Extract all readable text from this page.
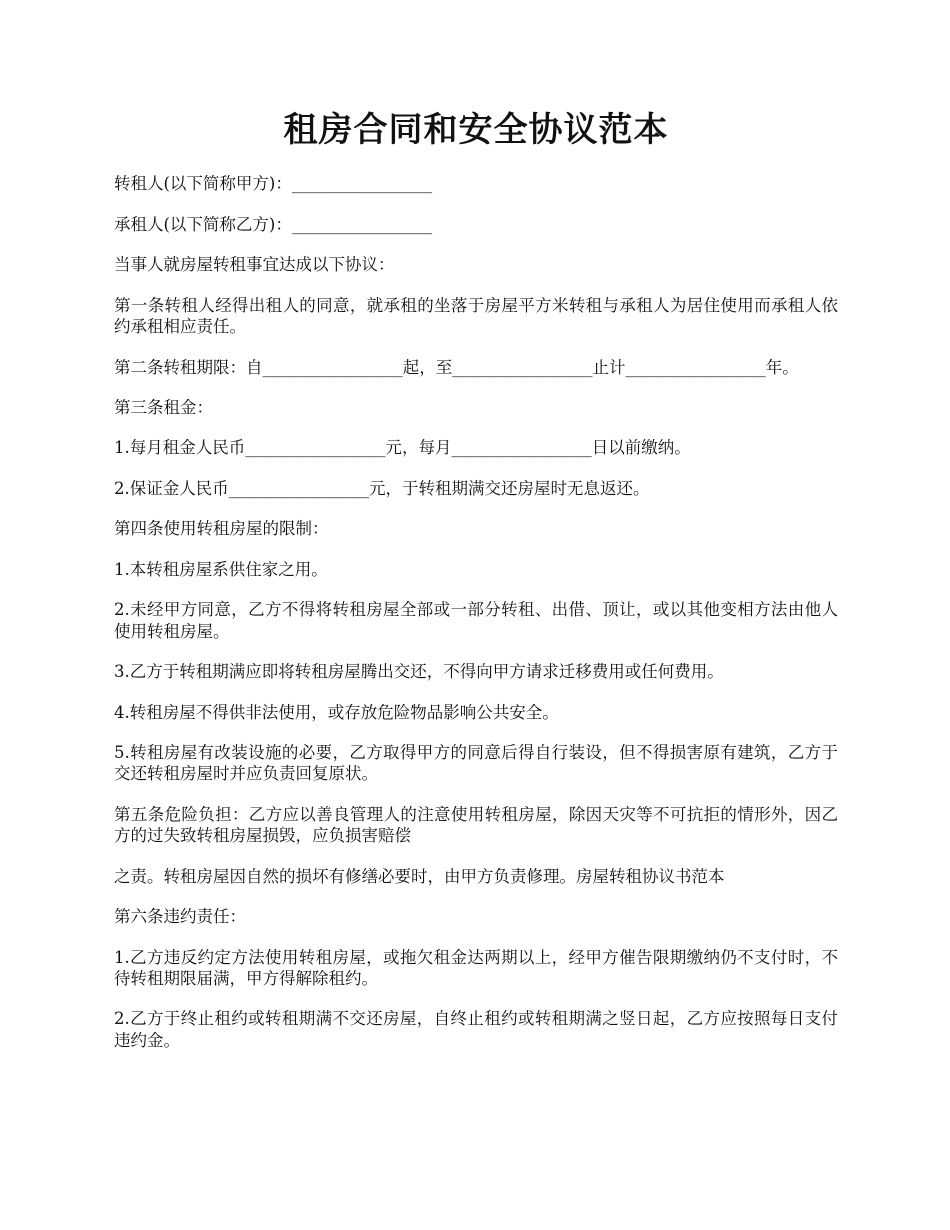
租房合同和安全协议范本

转租人(以下简称甲方)：_________________

承租人(以下简称乙方)：_________________

当事人就房屋转租事宜达成以下协议：

第一条转租人经得出租人的同意，就承租的坐落于房屋平方米转租与承租人为居住使用而承租人依约承租相应责任。

第二条转租期限：自_________________起，至_________________止计_________________年。

第三条租金：

1.每月租金人民币_________________元，每月_________________日以前缴纳。

2.保证金人民币_________________元，于转租期满交还房屋时无息返还。

第四条使用转租房屋的限制：

1.本转租房屋系供住家之用。

2.未经甲方同意，乙方不得将转租房屋全部或一部分转租、出借、顶让，或以其他变相方法由他人使用转租房屋。

3.乙方于转租期满应即将转租房屋腾出交还，不得向甲方请求迁移费用或任何费用。

4.转租房屋不得供非法使用，或存放危险物品影响公共安全。

5.转租房屋有改装设施的必要，乙方取得甲方的同意后得自行装设，但不得损害原有建筑，乙方于交还转租房屋时并应负责回复原状。

第五条危险负担：乙方应以善良管理人的注意使用转租房屋，除因天灾等不可抗拒的情形外，因乙方的过失致转租房屋损毁，应负损害赔偿

之责。转租房屋因自然的损坏有修缮必要时，由甲方负责修理。房屋转租协议书范本

第六条违约责任：

1.乙方违反约定方法使用转租房屋，或拖欠租金达两期以上，经甲方催告限期缴纳仍不支付时，不待转租期限届满，甲方得解除租约。

2.乙方于终止租约或转租期满不交还房屋，自终止租约或转租期满之竖日起，乙方应按照每日支付违约金。
